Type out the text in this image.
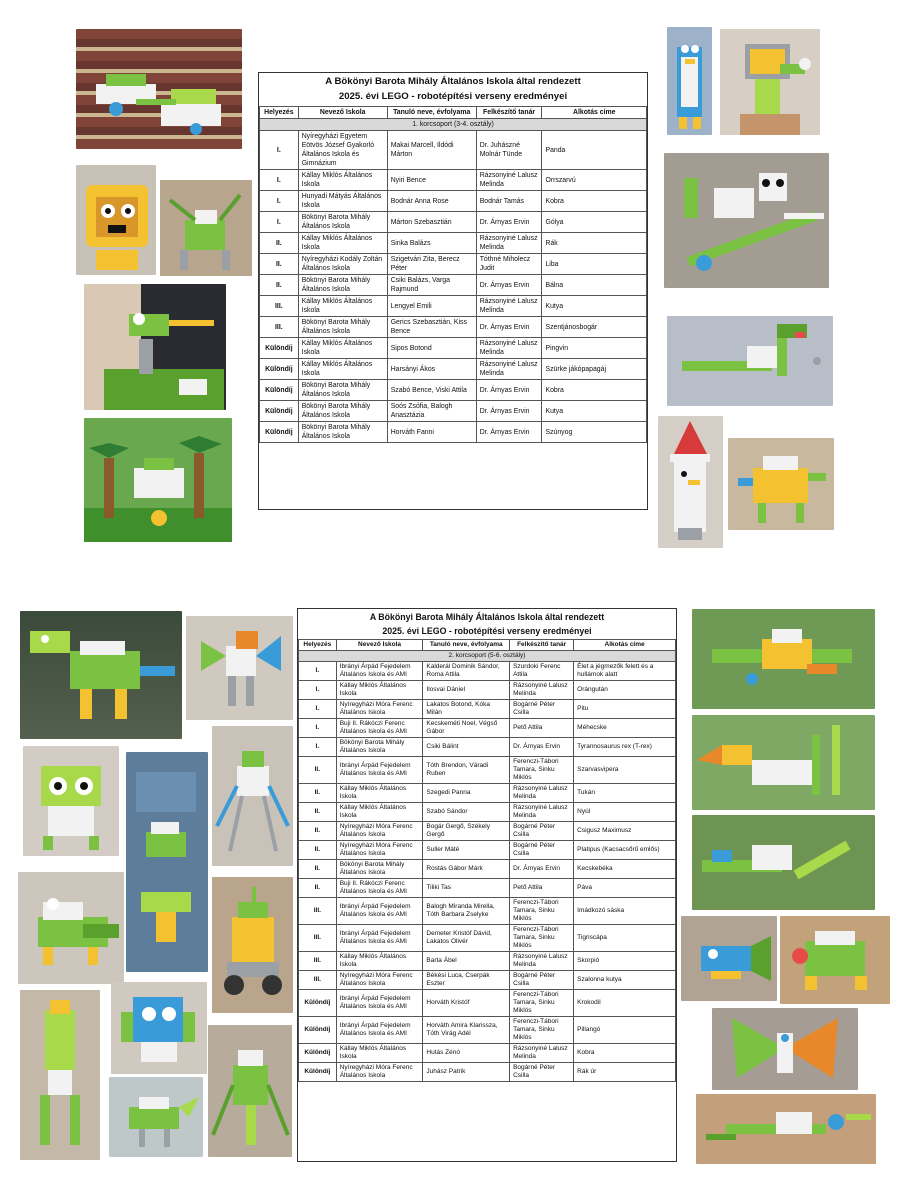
A Bökönyi Barota Mihály Általános Iskola által rendezett				
2025. évi LEGO - robotépítési verseny eredményei				
Helyezés	Nevező Iskola	Tanuló neve, évfolyama	Felkészítő tanár	Alkotás címe
1. korcsoport (3-4. osztály)				
I.	Nyíregyházi Egyetem Eötvös József Gyakorló Általános Iskola és Gimnázium	Makai Marcell, Ildódi Márton	Dr. Juhászné Molnár Tünde	Panda
I.	Kállay Miklós Általános Iskola	Nyiri Bence	Rázsonyiné Lalusz Melinda	Orrszarvú
I.	Hunyadi Mátyás Általános Iskola	Bodnár Anna Rose	Bodnár Tamás	Kobra
I.	Bökönyi Barota Mihály Általános Iskola	Márton Szebasztián	Dr. Árnyas Ervin	Gólya
II.	Kállay Miklós Általános Iskola	Sinka Balázs	Rázsonyiné Lalusz Melinda	Rák
II.	Nyíregyházi Kodály Zoltán Általános Iskola	Szigetvári Zita, Berecz Péter	Tóthné Miholecz Judit	Liba
II.	Bökönyi Barota Mihály Általános Iskola	Csiki Balázs, Varga Rajmund	Dr. Árnyas Ervin	Bálna
III.	Kállay Miklós Általános Iskola	Lengyel Emili	Rázsonyiné Lalusz Melinda	Kutya
III.	Bökönyi Barota Mihály Általános Iskola	Gerics Szebasztián, Kiss Bence	Dr. Árnyas Ervin	Szentjánosbogár
Különdíj	Kállay Miklós Általános Iskola	Sipos Botond	Rázsonyiné Lalusz Melinda	Pingvin
Különdíj	Kállay Miklós Általános Iskola	Harsányi Ákos	Rázsonyiné Lalusz Melinda	Szürke jákópapagáj
Különdíj	Bökönyi Barota Mihály Általános Iskola	Szabó Bence, Viski Attila	Dr. Árnyas Ervin	Kobra
Különdíj	Bökönyi Barota Mihály Általános Iskola	Soós Zsófia, Balogh Anasztázia	Dr. Árnyas Ervin	Kutya
Különdíj	Bökönyi Barota Mihály Általános Iskola	Horváth Fanni	Dr. Árnyas Ervin	Szúnyog
A Bökönyi Barota Mihály Általános Iskola által rendezett				
2025. évi LEGO - robotépítési verseny eredményei				
Helyezés	Nevező Iskola	Tanuló neve, évfolyama	Felkészítő tanár	Alkotás címe
2. korcsoport (5-6. osztály)				
I.	Ibrányi Árpád Fejedelem Általános Iskola és AMI	Kalderál Dominik Sándor, Roma Attila	Szurdoki Ferenc Attila	Élet a jégmezők felett és a hullámok alatt
I.	Kállay Miklós Általános Iskola	Ilosvai Dániel	Rázsonyiné Lalusz Melinda	Orángután
I.	Nyíregyházi Móra Ferenc Általános Iskola	Lakatos Botond, Kóka Milán	Bogárné Péter Csilla	Pitu
I.	Buji II. Rákóczi Ferenc Általános Iskola és AMI	Kecskeméti Noel, Végső Gábor	Pető Attila	Méhecske
I.	Bökönyi Barota Mihály Általános Iskola	Csiki Bálint	Dr. Árnyas Ervin	Tyrannosaurus rex (T-rex)
II.	Ibrányi Árpád Fejedelem Általános Iskola és AMI	Tóth Brendon, Váradi Ruben	Ferenczi-Tábori Tamara, Sinku Miklós	Szarvasvipera
II.	Kállay Miklós Általános Iskola	Szegedi Panna	Rázsonyiné Lalusz Melinda	Tukán
II.	Kállay Miklós Általános Iskola	Szabó Sándor	Rázsonyiné Lalusz Melinda	Nyúl
II.	Nyíregyházi Móra Ferenc Általános Iskola	Bogár Gergő, Székely Gergő	Bogárné Péter Csilla	Csigusz Maximusz
II.	Nyíregyházi Móra Ferenc Általános Iskola	Suller Máté	Bogárné Péter Csilla	Platipus (Kacsacsőrű emlős)
II.	Bökönyi Barota Mihály Általános Iskola	Rostás Gábor Márk	Dr. Árnyas Ervin	Kecskebéka
II.	Buji II. Rákóczi Ferenc Általános Iskola és AMI	Tiliki Tas	Pető Attila	Páva
III.	Ibrányi Árpád Fejedelem Általános Iskola és AMI	Balogh Miranda Mirella, Tóth Barbara Zselyke	Ferenczi-Tábori Tamara, Sinku Miklós	Imádkozó sáska
III.	Ibrányi Árpád Fejedelem Általános Iskola és AMI	Demeter Kristóf Dávid, Lakatos Olivér	Ferenczi-Tábori Tamara, Sinku Miklós	Tigriscápa
III.	Kállay Miklós Általános Iskola	Barta Ábel	Rázsonyiné Lalusz Melinda	Skorpió
III.	Nyíregyházi Móra Ferenc Általános Iskola	Békési Luca, Cserpák Eszter	Bogárné Péter Csilla	Szalonna kutya
Különdíj	Ibrányi Árpád Fejedelem Általános Iskola és AMI	Horváth Kristóf	Ferenczi-Tábori Tamara, Sinku Miklós	Krokodil
Különdíj	Ibrányi Árpád Fejedelem Általános Iskola és AMI	Horváth Amira Klarissza, Tóth Virág Adél	Ferenczi-Tábori Tamara, Sinku Miklós	Pillangó
Különdíj	Kállay Miklós Általános Iskola	Hutás Zénó	Rázsonyiné Lalusz Melinda	Kobra
Különdíj	Nyíregyházi Móra Ferenc Általános Iskola	Juhász Patrik	Bogárné Péter Csilla	Rák úr
